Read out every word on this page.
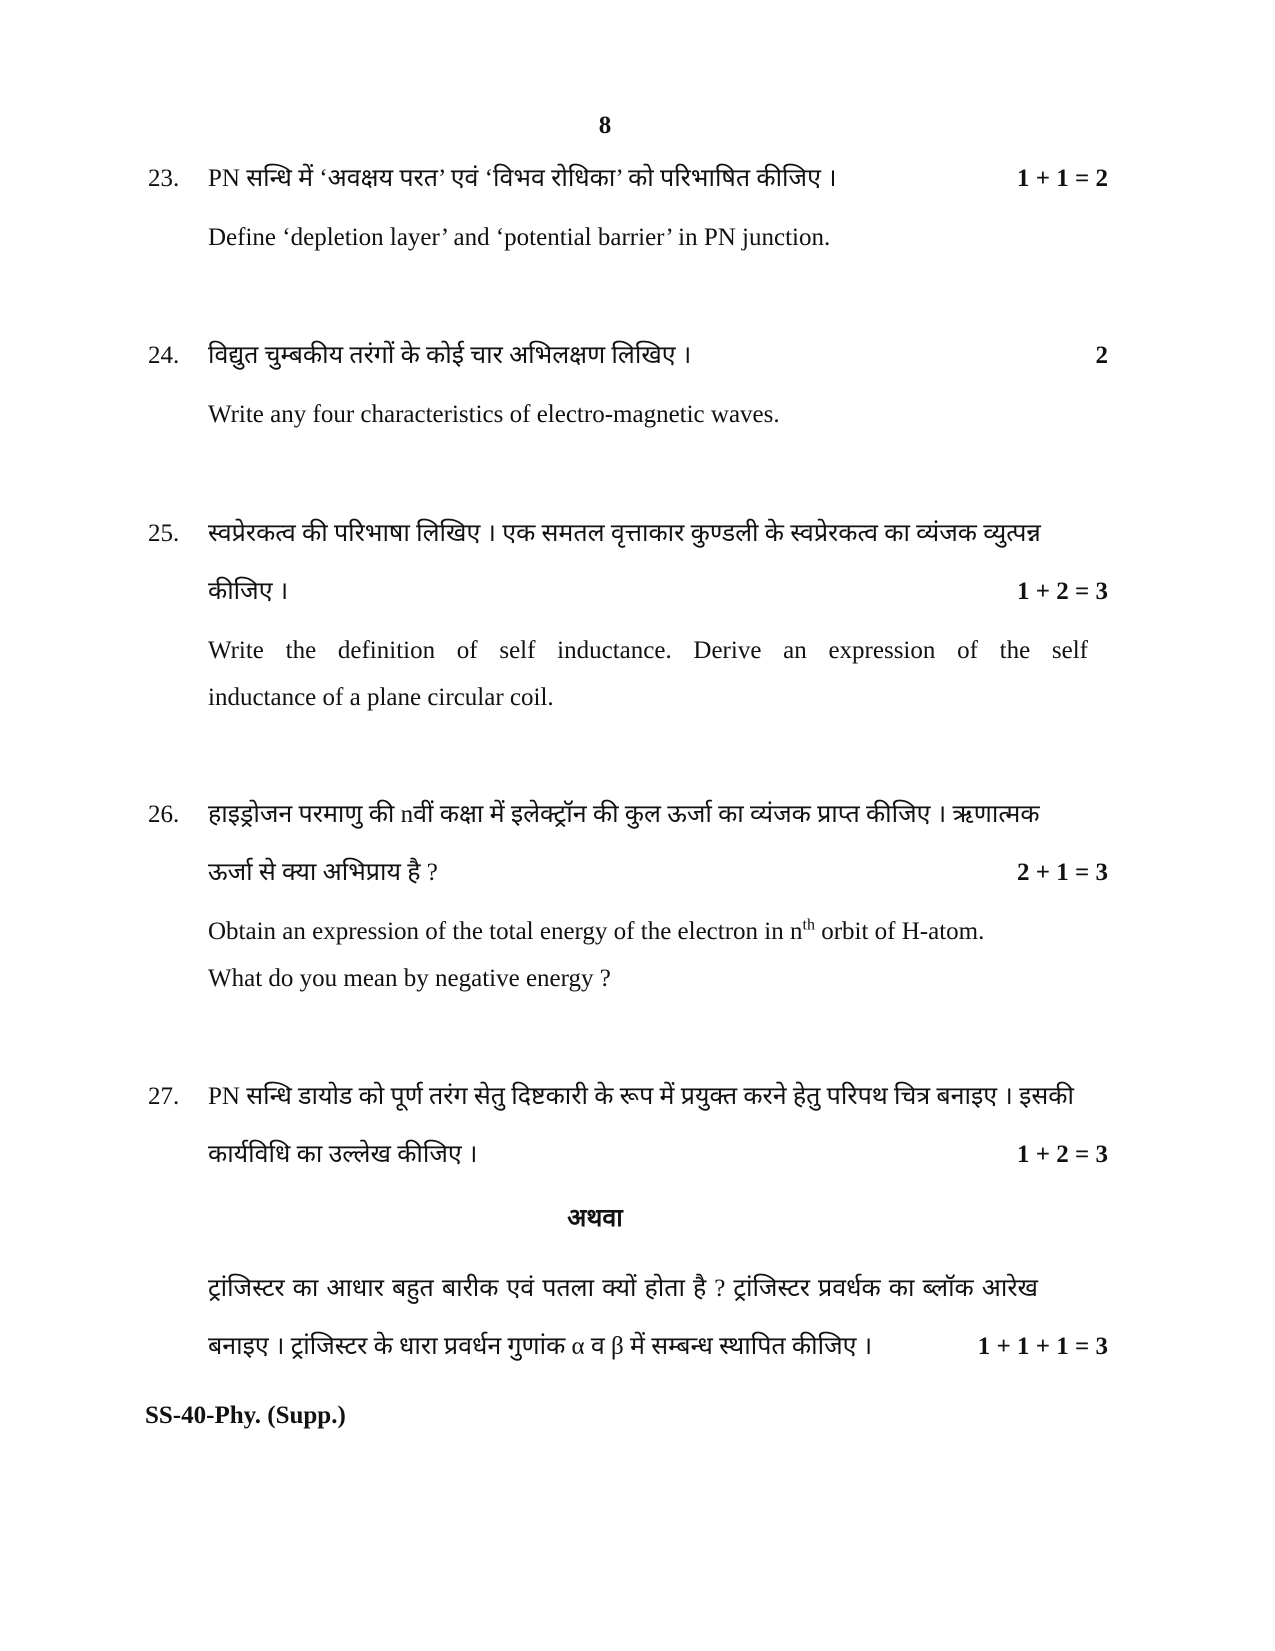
8
23.	PN सन्धि में ‘अवक्षय परत’ एवं ‘विभव रोधिका’ को परिभाषित कीजिए ।	1 + 1 = 2
Define ‘depletion layer’ and ‘potential barrier’ in PN junction.
24.	विद्युत चुम्बकीय तरंगों के कोई चार अभिलक्षण लिखिए ।	2
Write any four characteristics of electro-magnetic waves.
25.	स्वप्रेरकत्व की परिभाषा लिखिए । एक समतल वृत्ताकार कुण्डली के स्वप्रेरकत्व का व्यंजक व्युत्पन्न
कीजिए ।	1 + 2 = 3
Write the definition of self inductance. Derive an expression of the self
inductance of a plane circular coil.
26.	हाइड्रोजन परमाणु की nवीं कक्षा में इलेक्ट्रॉन की कुल ऊर्जा का व्यंजक प्राप्त कीजिए । ऋणात्मक
ऊर्जा से क्या अभिप्राय है ?	2 + 1 = 3
Obtain an expression of the total energy of the electron in $n^{th}$ orbit of H-atom.
What do you mean by negative energy ?
27.	PN सन्धि डायोड को पूर्ण तरंग सेतु दिष्टकारी के रूप में प्रयुक्त करने हेतु परिपथ चित्र बनाइए । इसकी
कार्यविधि का उल्लेख कीजिए ।	1 + 2 = 3
अथवा
ट्रांजिस्टर का आधार बहुत बारीक एवं पतला क्यों होता है ? ट्रांजिस्टर प्रवर्धक का ब्लॉक आरेख
बनाइए । ट्रांजिस्टर के धारा प्रवर्धन गुणांक α व β में सम्बन्ध स्थापित कीजिए ।	1 + 1 + 1 = 3
SS-40-Phy. (Supp.)
